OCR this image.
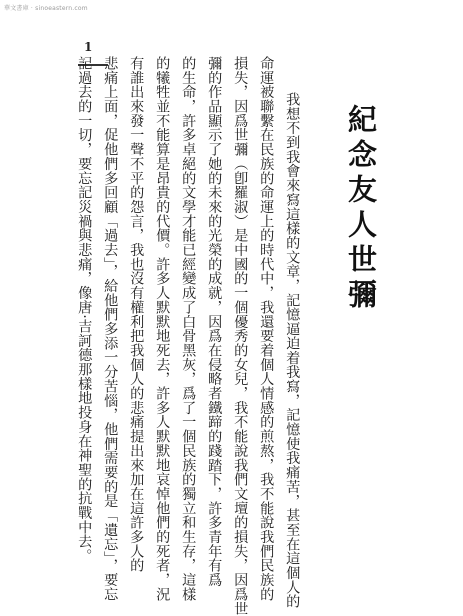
華文書庫 · sinoeastern.com
1
紀念友人世彌
我想不到我會來寫這樣的文章，記憶逼迫着我寫，記憶使我痛苦，甚至在這個人的
命運被聯繫在民族的命運上的時代中，我還要着個人情感的煎熬，我不能說我們民族的
損失，因爲世彌（卽羅淑）是中國的一個優秀的女兒，我不能說我們文壇的損失，因爲世
彌的作品顯示了她的未來的光榮的成就，因爲在侵略者鐵蹄的踐踏下，許多青年有爲
的生命，許多卓絕的文學才能已經變成了白骨黑灰，爲了一個民族的獨立和生存，這樣
的犧牲並不能算是昂貴的代價。許多人默默地死去，許多人默默地哀悼他們的死者，況
有誰出來發一聲不平的怨言，我也沒有權利把我個人的悲痛提出來加在這許多人的
悲痛上面，促他們多回顧「過去」，給他們多添一分苦惱，他們需要的是「遺忘」，要忘
記過去的一切，要忘記災禍與悲痛，像唐·吉訶德那樣地投身在神聖的抗戰中去。
